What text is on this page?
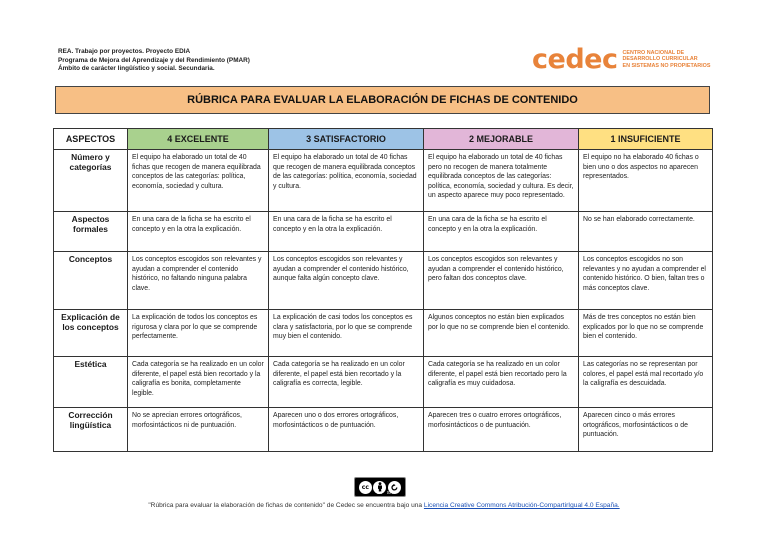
REA. Trabajo por proyectos. Proyecto EDIA
Programa de Mejora del Aprendizaje y del Rendimiento (PMAR)
Ámbito de carácter lingüístico y social. Secundaria.	cedec CENTRO NACIONAL DE
DESARROLLO CURRICULAR
EN SISTEMAS NO PROPIETARIOS
RÚBRICA PARA EVALUAR LA ELABORACIÓN DE FICHAS DE CONTENIDO
ASPECTOS	4 EXCELENTE	3 SATISFACTORIO	2 MEJORABLE	1 INSUFICIENTE
Número y categorías	El equipo ha elaborado un total de 40 fichas que recogen de manera equilibrada conceptos de las categorías: política, economía, sociedad y cultura.	El equipo ha elaborado un total de 40 fichas que recogen de manera equilibrada conceptos de las categorías: política, economía, sociedad y cultura.	El equipo ha elaborado un total de 40 fichas pero no recogen de manera totalmente equilibrada conceptos de las categorías: política, economía, sociedad y cultura. Es decir, un aspecto aparece muy poco representado.	El equipo no ha elaborado 40 fichas o bien uno o dos aspectos no aparecen representados.
Aspectos formales	En una cara de la ficha se ha escrito el concepto y en la otra la explicación.	En una cara de la ficha se ha escrito el concepto y en la otra la explicación.	En una cara de la ficha se ha escrito el concepto y en la otra la explicación.	No se han elaborado correctamente.
Conceptos	Los conceptos escogidos son relevantes y ayudan a comprender el contenido histórico, no faltando ninguna palabra clave.	Los conceptos escogidos son relevantes y ayudan a comprender el contenido histórico, aunque falta algún concepto clave.	Los conceptos escogidos son relevantes y ayudan a comprender el contenido histórico, pero faltan dos conceptos clave.	Los conceptos escogidos no son relevantes y no ayudan a comprender el contenido histórico. O bien, faltan tres o más conceptos clave.
Explicación de los conceptos	La explicación de todos los conceptos es rigurosa y clara por lo que se comprende perfectamente.	La explicación de casi todos los conceptos es clara y satisfactoria, por lo que se comprende muy bien el contenido.	Algunos conceptos no están bien explicados por lo que no se comprende bien el contenido.	Más de tres conceptos no están bien explicados por lo que no se comprende bien el contenido.
Estética	Cada categoría se ha realizado en un color diferente, el papel está bien recortado y la caligrafía es bonita, completamente legible.	Cada categoría se ha realizado en un color diferente, el papel está bien recortado y la caligrafía es correcta, legible.	Cada categoría se ha realizado en un color diferente, el papel está bien recortado pero la caligrafía es muy cuidadosa.	Las categorías no se representan por colores, el papel está mal recortado y/o la caligrafía es descuidada.
Corrección lingüística	No se aprecian errores ortográficos, morfosintácticos ni de puntuación.	Aparecen uno o dos errores ortográficos, morfosintácticos o de puntuación.	Aparecen tres o cuatro errores ortográficos, morfosintácticos o de puntuación.	Aparecen cinco o más errores ortográficos, morfosintácticos o de puntuación.
cc
BY SA
"Rúbrica para evaluar la elaboración de fichas de contenido" de Cedec se encuentra bajo una Licencia Creative Commons Atribución-CompartirIgual 4.0 España.
